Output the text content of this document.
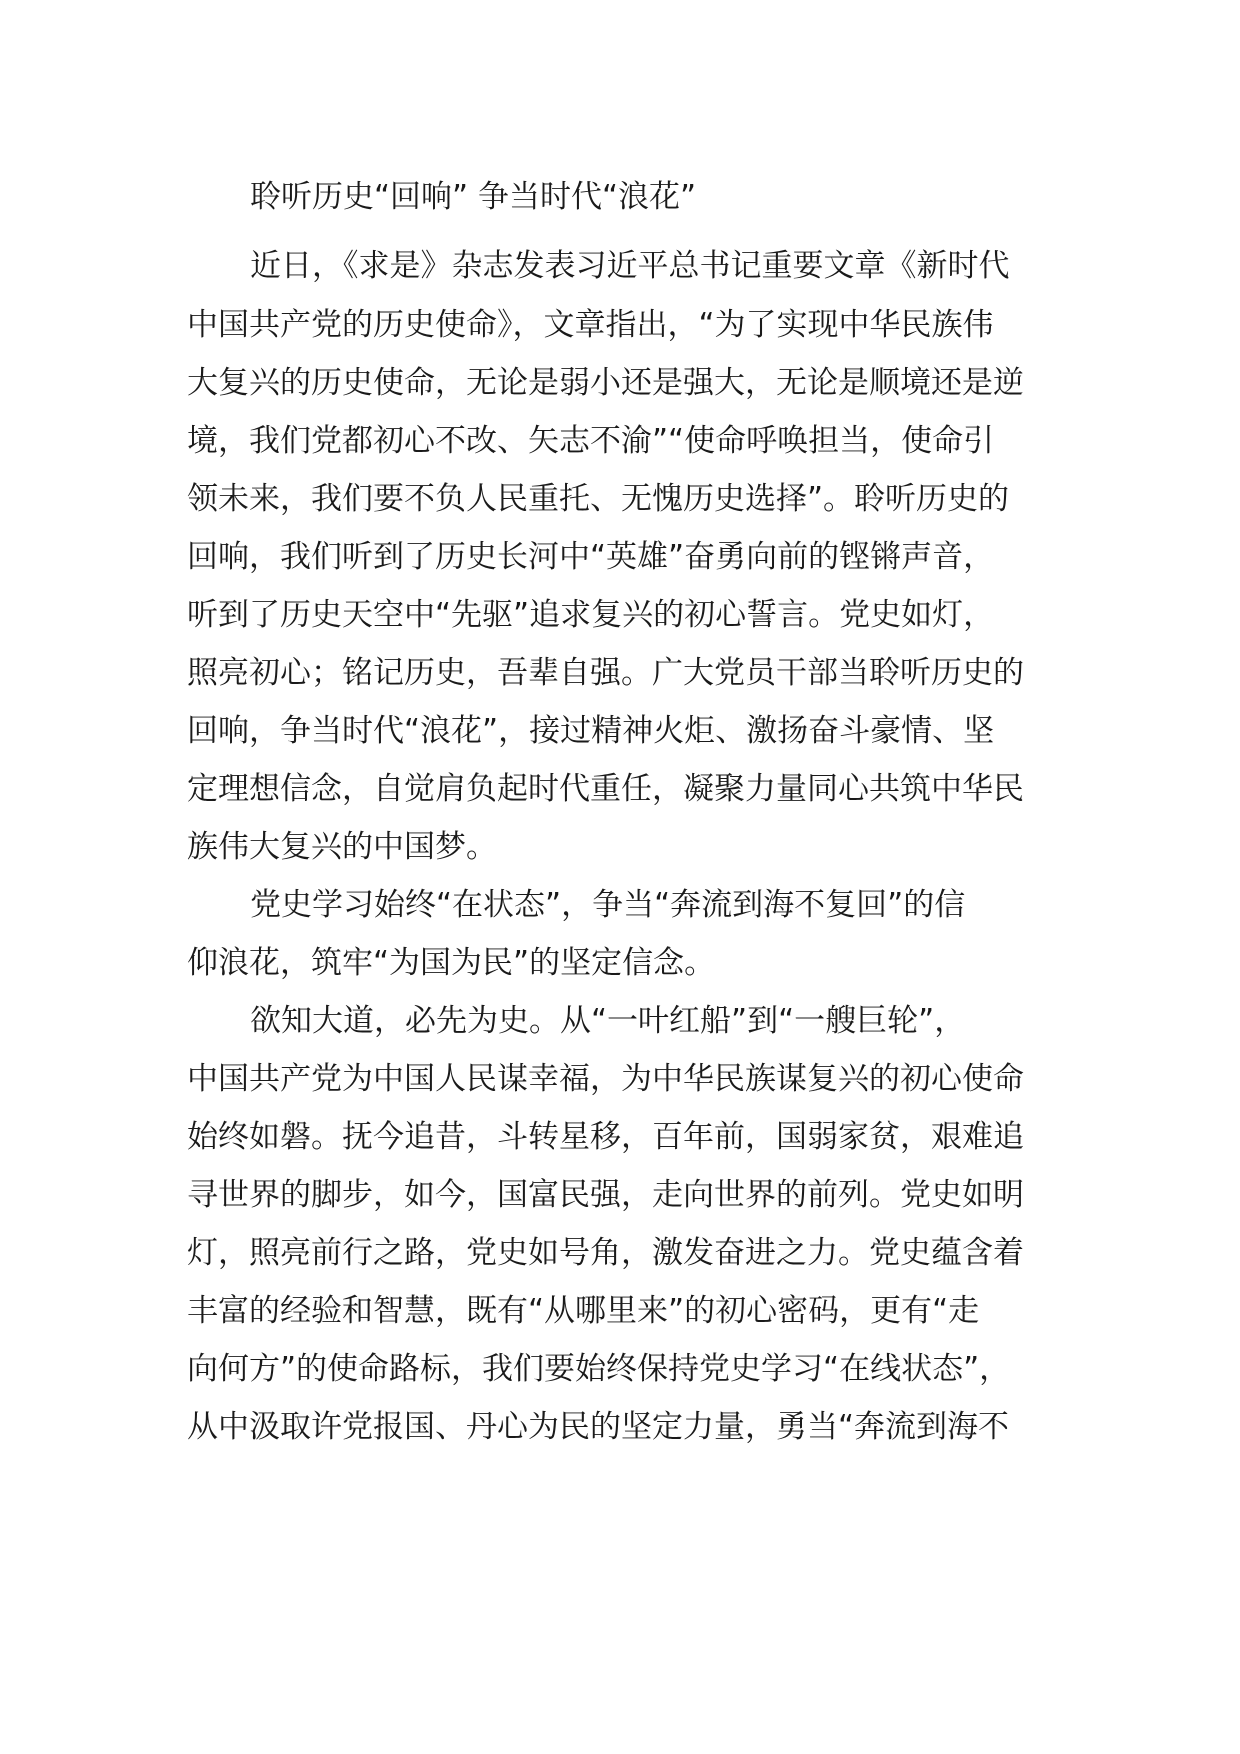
聆听历史“回响” 争当时代“浪花”
近日，《求是》杂志发表习近平总书记重要文章《新时代
中国共产党的历史使命》，文章指出，“为了实现中华民族伟
大复兴的历史使命，无论是弱小还是强大，无论是顺境还是逆
境，我们党都初心不改、矢志不渝”“使命呼唤担当，使命引
领未来，我们要不负人民重托、无愧历史选择”。聆听历史的
回响，我们听到了历史长河中“英雄”奋勇向前的铿锵声音，
听到了历史天空中“先驱”追求复兴的初心誓言。党史如灯，
照亮初心；铭记历史，吾辈自强。广大党员干部当聆听历史的
回响，争当时代“浪花”，接过精神火炬、激扬奋斗豪情、坚
定理想信念，自觉肩负起时代重任，凝聚力量同心共筑中华民
族伟大复兴的中国梦。
党史学习始终“在状态”，争当“奔流到海不复回”的信
仰浪花，筑牢“为国为民”的坚定信念。
欲知大道，必先为史。从“一叶红船”到“一艘巨轮”，
中国共产党为中国人民谋幸福，为中华民族谋复兴的初心使命
始终如磐。抚今追昔，斗转星移，百年前，国弱家贫，艰难追
寻世界的脚步，如今，国富民强，走向世界的前列。党史如明
灯，照亮前行之路，党史如号角，激发奋进之力。党史蕴含着
丰富的经验和智慧，既有“从哪里来”的初心密码，更有“走
向何方”的使命路标，我们要始终保持党史学习“在线状态”，
从中汲取许党报国、丹心为民的坚定力量，勇当“奔流到海不
